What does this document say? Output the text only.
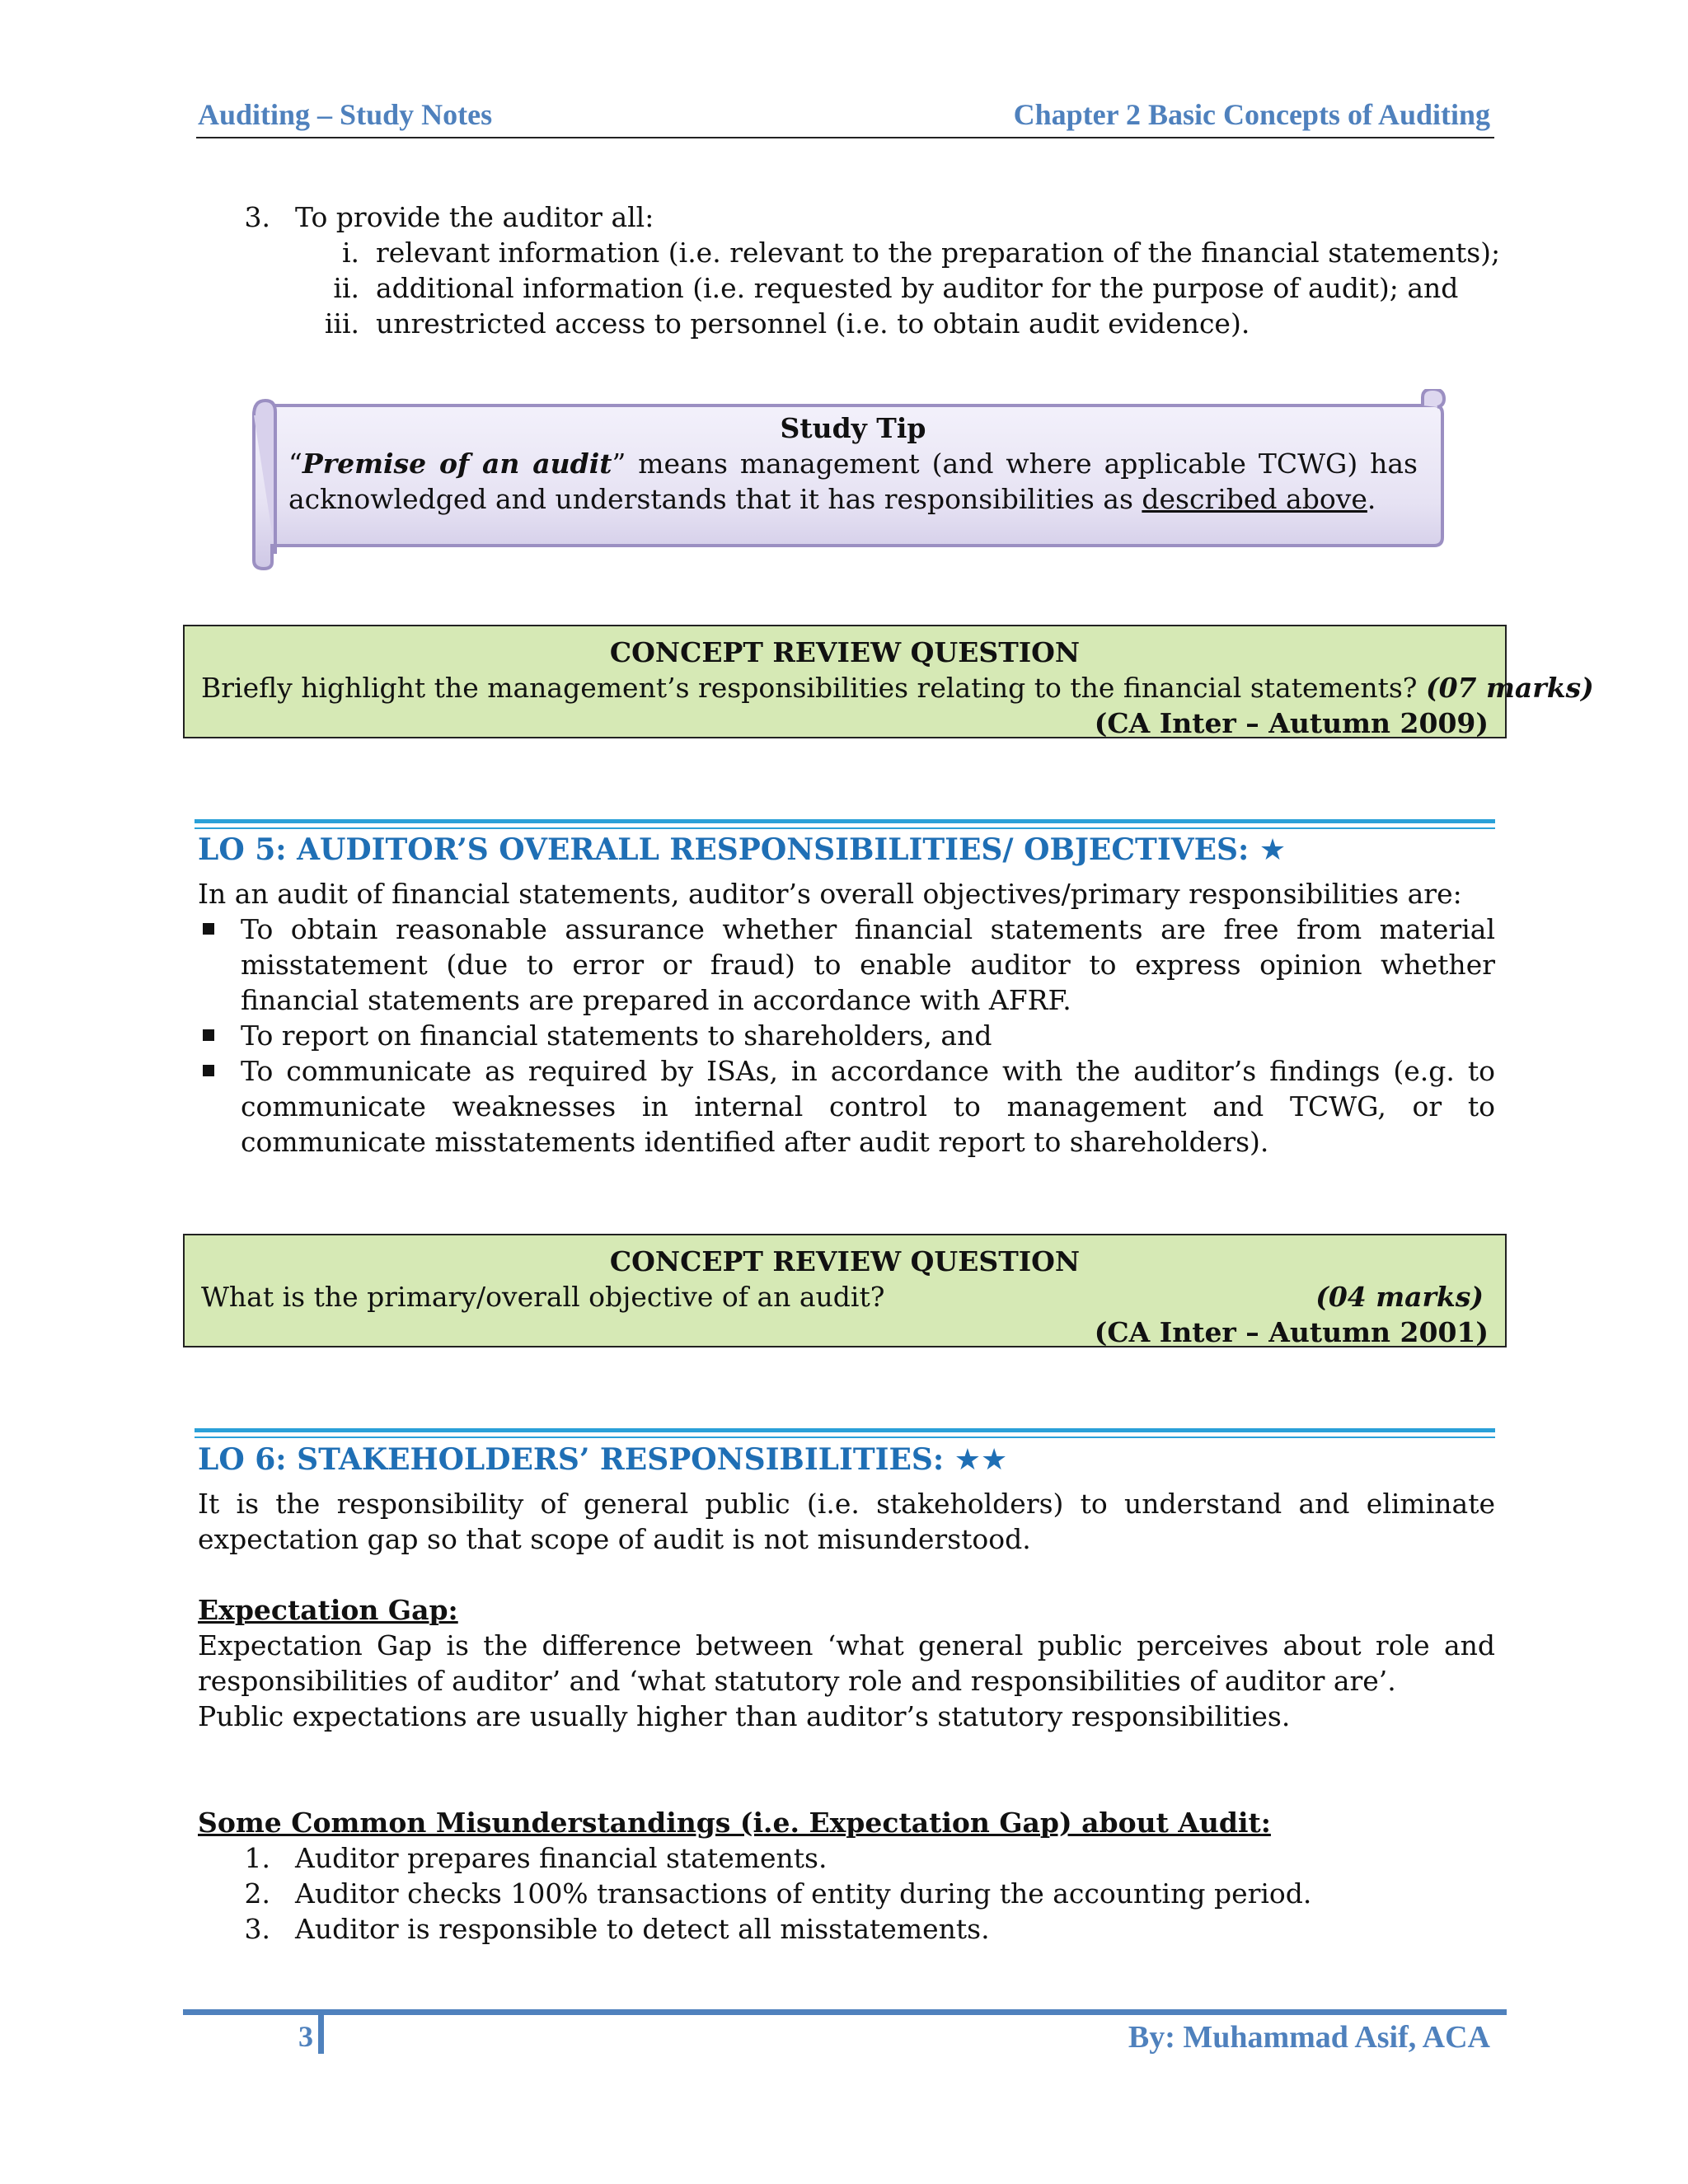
Auditing – Study Notes	Chapter 2 Basic Concepts of Auditing
3. To provide the auditor all:
i. relevant information (i.e. relevant to the preparation of the financial statements);
ii. additional information (i.e. requested by auditor for the purpose of audit); and
iii. unrestricted access to personnel (i.e. to obtain audit evidence).
Study Tip
“Premise of an audit” means management (and where applicable TCWG) has acknowledged and understands that it has responsibilities as described above.
CONCEPT REVIEW QUESTION
Briefly highlight the management’s responsibilities relating to the financial statements? (07 marks)
(CA Inter – Autumn 2009)
LO 5: AUDITOR’S OVERALL RESPONSIBILITIES/ OBJECTIVES: ★
In an audit of financial statements, auditor’s overall objectives/primary responsibilities are:
To obtain reasonable assurance whether financial statements are free from material misstatement (due to error or fraud) to enable auditor to express opinion whether financial statements are prepared in accordance with AFRF.
To report on financial statements to shareholders, and
To communicate as required by ISAs, in accordance with the auditor’s findings (e.g. to communicate weaknesses in internal control to management and TCWG, or to communicate misstatements identified after audit report to shareholders).
CONCEPT REVIEW QUESTION
What is the primary/overall objective of an audit?	(04 marks)
(CA Inter – Autumn 2001)
LO 6: STAKEHOLDERS’ RESPONSIBILITIES: ★★
It is the responsibility of general public (i.e. stakeholders) to understand and eliminate expectation gap so that scope of audit is not misunderstood.
Expectation Gap:
Expectation Gap is the difference between ‘what general public perceives about role and responsibilities of auditor’ and ‘what statutory role and responsibilities of auditor are’.
Public expectations are usually higher than auditor’s statutory responsibilities.
Some Common Misunderstandings (i.e. Expectation Gap) about Audit:
1. Auditor prepares financial statements.
2. Auditor checks 100% transactions of entity during the accounting period.
3. Auditor is responsible to detect all misstatements.
3	By: Muhammad Asif, ACA
